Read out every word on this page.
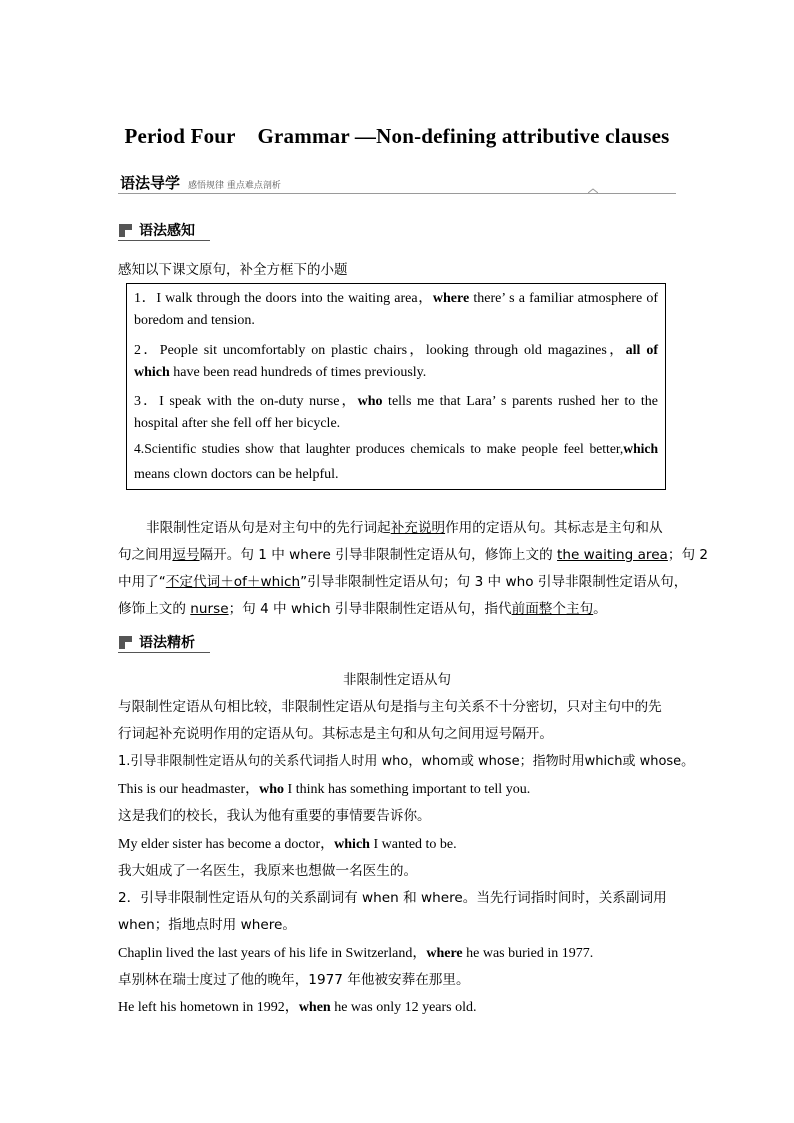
Period Four    Grammar —Non-defining attributive clauses
语法导学 感悟规律 重点难点剖析
语法感知
感知以下课文原句，补全方框下的小题
1．I walk through the doors into the waiting area，where there’ s a familiar atmosphere of
boredom and tension.
2．People sit uncomfortably on plastic chairs，looking through old magazines，all of
which have been read hundreds of times previously.
3．I speak with the on-duty nurse，who tells me that Lara’ s parents rushed her to the
hospital after she fell off her bicycle.
4.Scientific studies show that laughter produces chemicals to make people feel better,which
means clown doctors can be helpful.
非限制性定语从句是对主句中的先行词起补充说明作用的定语从句。其标志是主句和从
句之间用逗号隔开。句 1 中 where 引导非限制性定语从句，修饰上文的 the waiting area；句 2
中用了“不定代词＋of＋which”引导非限制性定语从句；句 3 中 who 引导非限制性定语从句，
修饰上文的 nurse；句 4 中 which 引导非限制性定语从句，指代前面整个主句。
语法精析
非限制性定语从句
与限制性定语从句相比较，非限制性定语从句是指与主句关系不十分密切，只对主句中的先
行词起补充说明作用的定语从句。其标志是主句和从句之间用逗号隔开。
1.引导非限制性定语从句的关系代词指人时用 who，whom或 whose；指物时用which或 whose。
This is our headmaster，who I think has something important to tell you.
这是我们的校长，我认为他有重要的事情要告诉你。
My elder sister has become a doctor，which I wanted to be.
我大姐成了一名医生，我原来也想做一名医生的。
2．引导非限制性定语从句的关系副词有 when 和 where。当先行词指时间时，关系副词用
when；指地点时用 where。
Chaplin lived the last years of his life in Switzerland，where he was buried in 1977.
卓别林在瑞士度过了他的晚年，1977 年他被安葬在那里。
He left his hometown in 1992，when he was only 12 years old.
